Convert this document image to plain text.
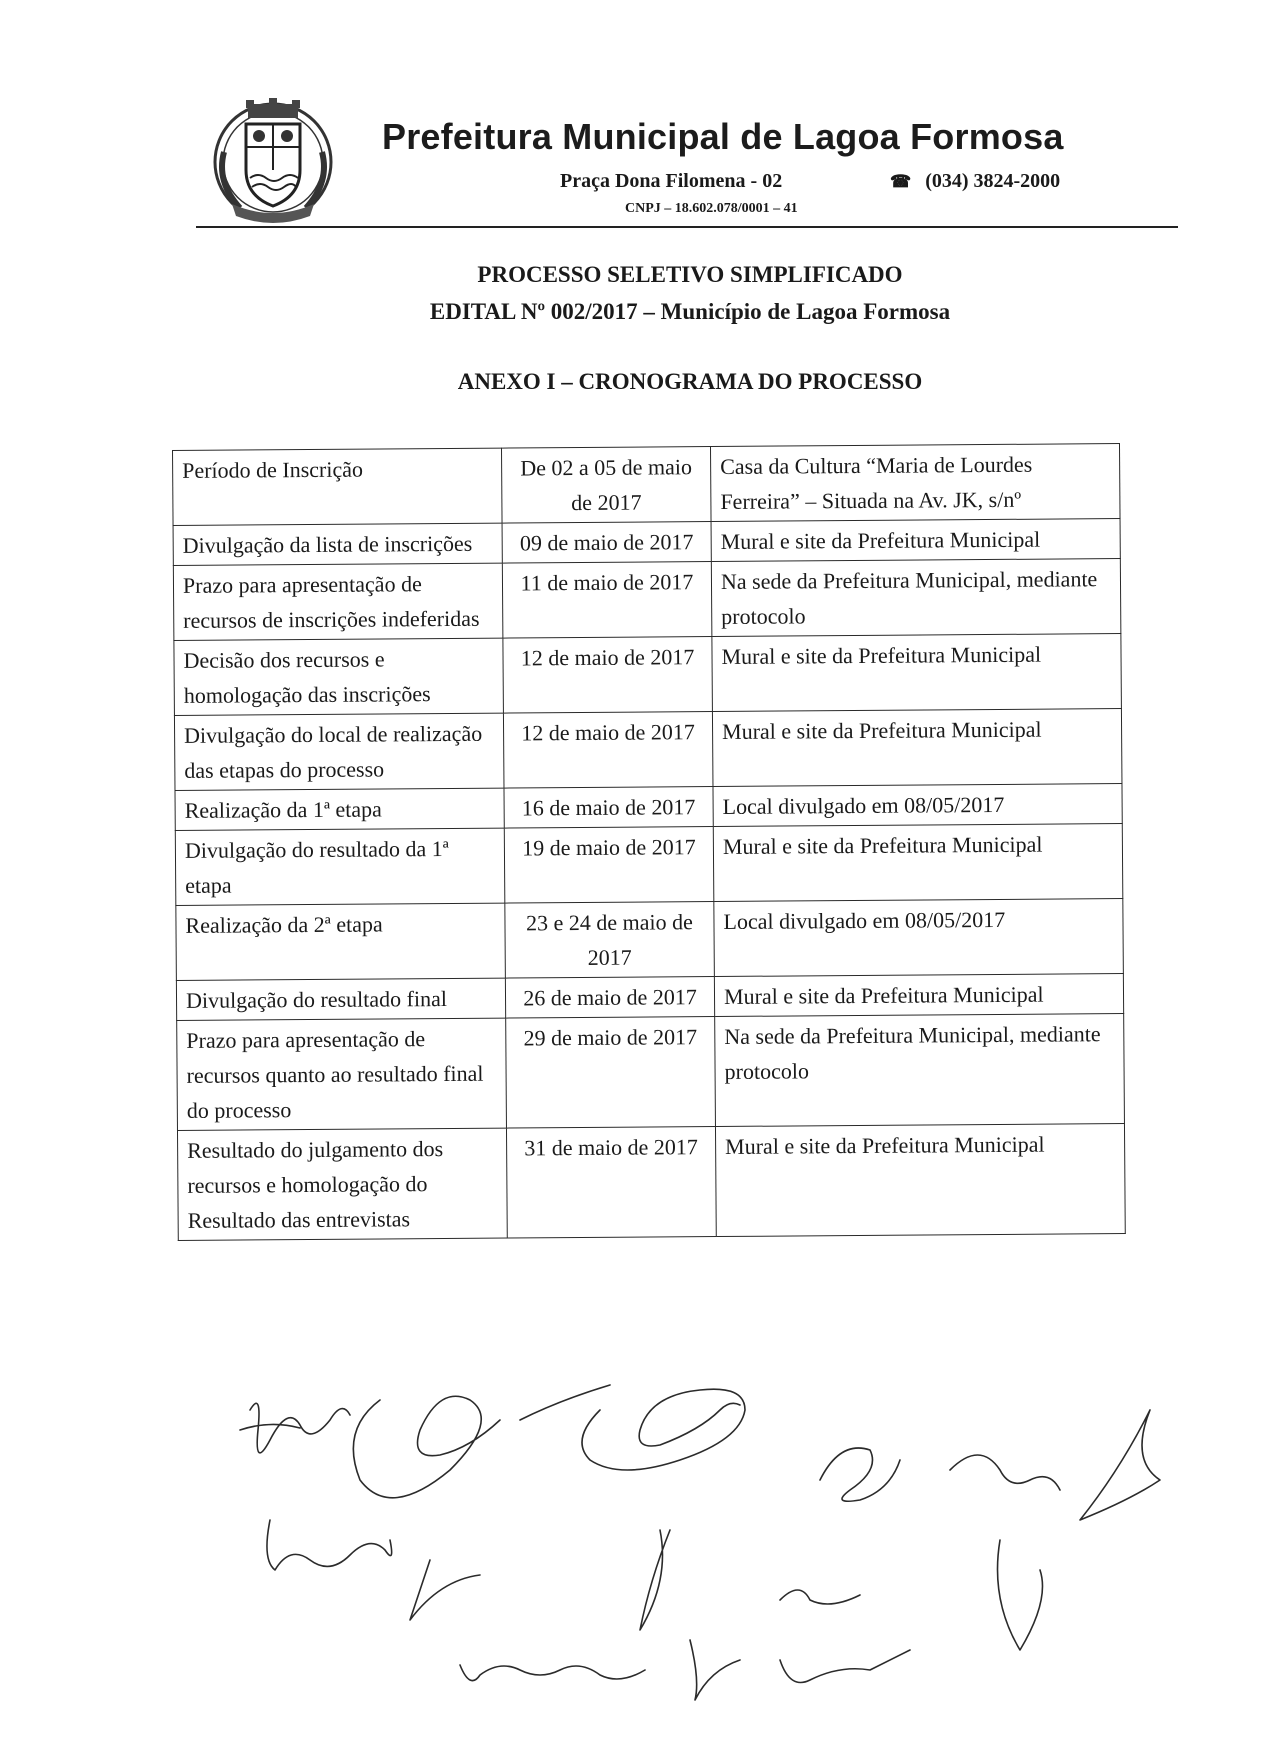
Prefeitura Municipal de Lagoa Formosa
Praça Dona Filomena - 02	☎ (034) 3824-2000
CNPJ – 18.602.078/0001 – 41
PROCESSO SELETIVO SIMPLIFICADO
EDITAL Nº 002/2017 – Município de Lagoa Formosa
ANEXO I – CRONOGRAMA DO PROCESSO
Período de Inscrição	De 02 a 05 de maio de 2017	Casa da Cultura “Maria de Lourdes Ferreira” – Situada na Av. JK, s/nº
Divulgação da lista de inscrições	09 de maio de 2017	Mural e site da Prefeitura Municipal
Prazo para apresentação de recursos de inscrições indeferidas	11 de maio de 2017	Na sede da Prefeitura Municipal, mediante protocolo
Decisão dos recursos e homologação das inscrições	12 de maio de 2017	Mural e site da Prefeitura Municipal
Divulgação do local de realização das etapas do processo	12 de maio de 2017	Mural e site da Prefeitura Municipal
Realização da 1ª etapa	16 de maio de 2017	Local divulgado em 08/05/2017
Divulgação do resultado da 1ª etapa	19 de maio de 2017	Mural e site da Prefeitura Municipal
Realização da 2ª etapa	23 e 24 de maio de 2017	Local divulgado em 08/05/2017
Divulgação do resultado final	26 de maio de 2017	Mural e site da Prefeitura Municipal
Prazo para apresentação de recursos quanto ao resultado final do processo	29 de maio de 2017	Na sede da Prefeitura Municipal, mediante protocolo
Resultado do julgamento dos recursos e homologação do Resultado das entrevistas	31 de maio de 2017	Mural e site da Prefeitura Municipal
